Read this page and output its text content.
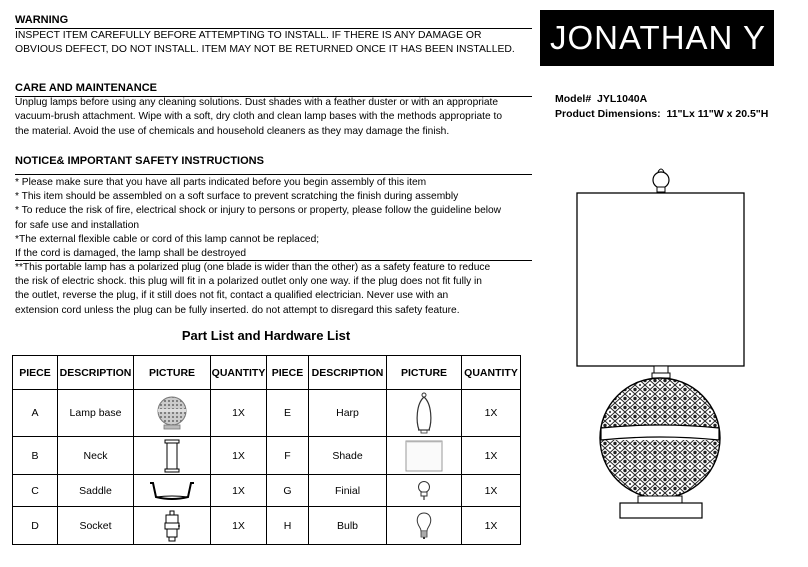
WARNING
INSPECT ITEM CAREFULLY BEFORE ATTEMPTING TO INSTALL. IF THERE IS ANY DAMAGE OR
OBVIOUS DEFECT, DO NOT INSTALL. ITEM MAY NOT BE RETURNED ONCE IT HAS BEEN INSTALLED.
CARE AND MAINTENANCE
Unplug lamps before using any cleaning solutions. Dust shades with a feather duster or with an appropriate
vacuum-brush attachment. Wipe with a soft, dry cloth and clean lamp bases with the methods appropriate to
the material. Avoid the use of chemicals and household cleaners as they may damage the finish.
NOTICE& IMPORTANT SAFETY INSTRUCTIONS
* Please make sure that you have all parts indicated before you begin assembly of this item
* This item should be assembled on a soft surface to prevent scratching the finish during assembly
* To reduce the risk of fire, electrical shock or injury to persons or property, please follow the guideline below
for safe use and installation
*The external flexible cable or cord of this lamp cannot be replaced;
If the cord is damaged, the lamp shall be destroyed
**This portable lamp has a polarized plug (one blade is wider than the other) as a safety feature to reduce
the risk of electric shock. this plug will fit in a polarized outlet only one way. if the plug does not fit fully in
the outlet, reverse the plug, if it still does not fit, contact a qualified electrician. Never use with an
extension cord unless the plug can be fully inserted. do not attempt to disregard this safety feature.
JONATHAN Y
Model# JYL1040A
Product Dimensions: 11"Lx 11"W x 20.5"H
Part List and Hardware List
PIECE	DESCRIPTION	PICTURE	QUANTITY	PIECE	DESCRIPTION	PICTURE	QUANTITY
A	Lamp base		1X	E	Harp		1X
B	Neck		1X	F	Shade		1X
C	Saddle		1X	G	Finial		1X
D	Socket		1X	H	Bulb		1X
